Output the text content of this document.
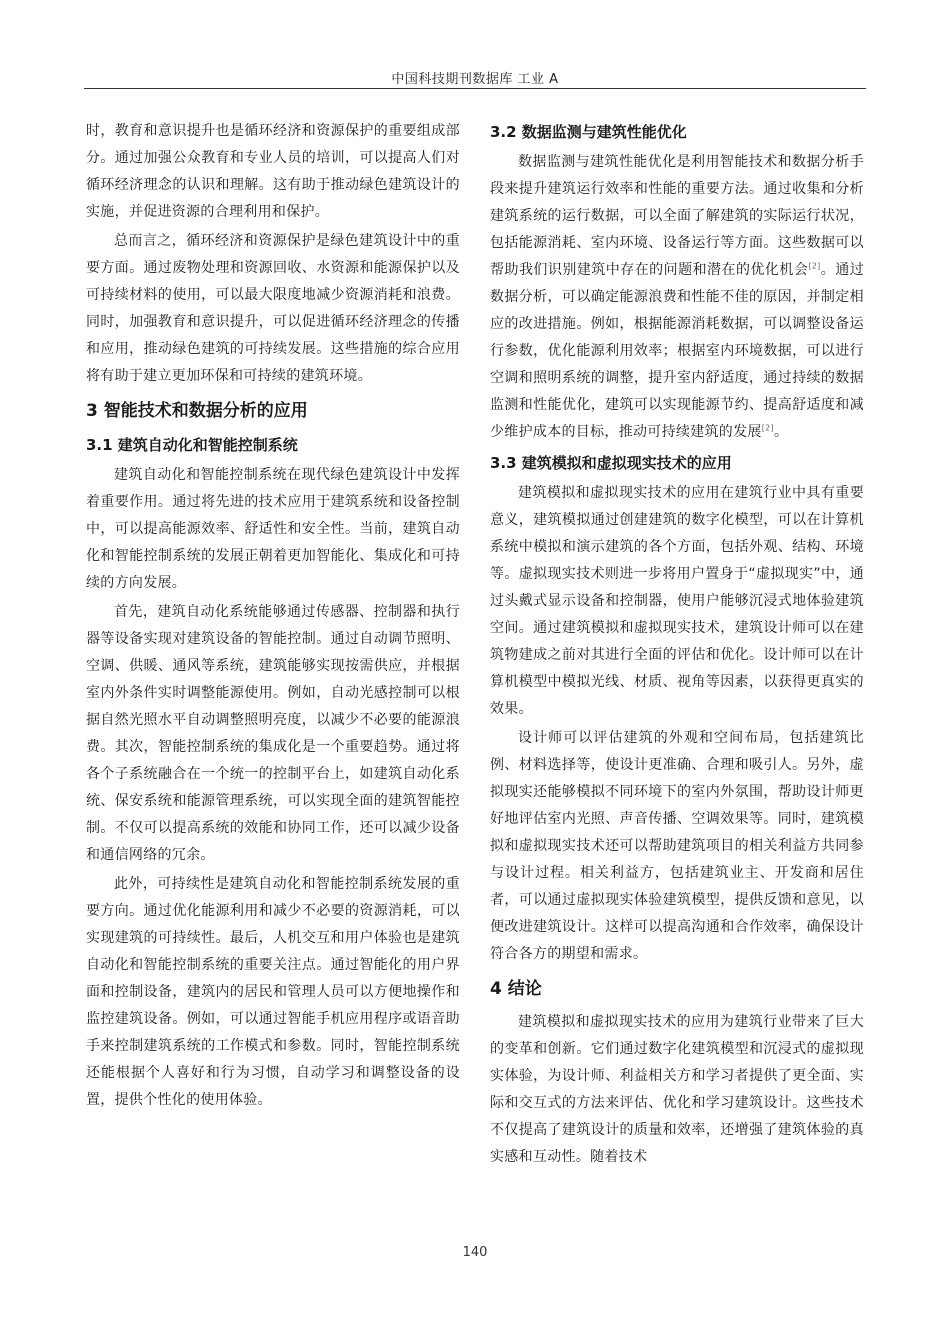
中国科技期刊数据库 工业 A

时，教育和意识提升也是循环经济和资源保护的重要组成部分。通过加强公众教育和专业人员的培训，可以提高人们对循环经济理念的认识和理解。这有助于推动绿色建筑设计的实施，并促进资源的合理利用和保护。

总而言之，循环经济和资源保护是绿色建筑设计中的重要方面。通过废物处理和资源回收、水资源和能源保护以及可持续材料的使用，可以最大限度地减少资源消耗和浪费。同时，加强教育和意识提升，可以促进循环经济理念的传播和应用，推动绿色建筑的可持续发展。这些措施的综合应用将有助于建立更加环保和可持续的建筑环境。

3 智能技术和数据分析的应用
3.1 建筑自动化和智能控制系统

建筑自动化和智能控制系统在现代绿色建筑设计中发挥着重要作用。通过将先进的技术应用于建筑系统和设备控制中，可以提高能源效率、舒适性和安全性。当前，建筑自动化和智能控制系统的发展正朝着更加智能化、集成化和可持续的方向发展。

首先，建筑自动化系统能够通过传感器、控制器和执行器等设备实现对建筑设备的智能控制。通过自动调节照明、空调、供暖、通风等系统，建筑能够实现按需供应，并根据室内外条件实时调整能源使用。例如，自动光感控制可以根据自然光照水平自动调整照明亮度，以减少不必要的能源浪费。其次，智能控制系统的集成化是一个重要趋势。通过将各个子系统融合在一个统一的控制平台上，如建筑自动化系统、保安系统和能源管理系统，可以实现全面的建筑智能控制。不仅可以提高系统的效能和协同工作，还可以减少设备和通信网络的冗余。

此外，可持续性是建筑自动化和智能控制系统发展的重要方向。通过优化能源利用和减少不必要的资源消耗，可以实现建筑的可持续性。最后，人机交互和用户体验也是建筑自动化和智能控制系统的重要关注点。通过智能化的用户界面和控制设备，建筑内的居民和管理人员可以方便地操作和监控建筑设备。例如，可以通过智能手机应用程序或语音助手来控制建筑系统的工作模式和参数。同时，智能控制系统还能根据个人喜好和行为习惯，自动学习和调整设备的设置，提供个性化的使用体验。

3.2 数据监测与建筑性能优化

数据监测与建筑性能优化是利用智能技术和数据分析手段来提升建筑运行效率和性能的重要方法。通过收集和分析建筑系统的运行数据，可以全面了解建筑的实际运行状况，包括能源消耗、室内环境、设备运行等方面。这些数据可以帮助我们识别建筑中存在的问题和潜在的优化机会[2]。通过数据分析，可以确定能源浪费和性能不佳的原因，并制定相应的改进措施。例如，根据能源消耗数据，可以调整设备运行参数，优化能源利用效率；根据室内环境数据，可以进行空调和照明系统的调整，提升室内舒适度，通过持续的数据监测和性能优化，建筑可以实现能源节约、提高舒适度和减少维护成本的目标，推动可持续建筑的发展[2]。

3.3 建筑模拟和虚拟现实技术的应用

建筑模拟和虚拟现实技术的应用在建筑行业中具有重要意义，建筑模拟通过创建建筑的数字化模型，可以在计算机系统中模拟和演示建筑的各个方面，包括外观、结构、环境等。虚拟现实技术则进一步将用户置身于“虚拟现实”中，通过头戴式显示设备和控制器，使用户能够沉浸式地体验建筑空间。通过建筑模拟和虚拟现实技术，建筑设计师可以在建筑物建成之前对其进行全面的评估和优化。设计师可以在计算机模型中模拟光线、材质、视角等因素，以获得更真实的效果。

设计师可以评估建筑的外观和空间布局，包括建筑比例、材料选择等，使设计更准确、合理和吸引人。另外，虚拟现实还能够模拟不同环境下的室内外氛围，帮助设计师更好地评估室内光照、声音传播、空调效果等。同时，建筑模拟和虚拟现实技术还可以帮助建筑项目的相关利益方共同参与设计过程。相关利益方，包括建筑业主、开发商和居住者，可以通过虚拟现实体验建筑模型，提供反馈和意见，以便改进建筑设计。这样可以提高沟通和合作效率，确保设计符合各方的期望和需求。

4 结论

建筑模拟和虚拟现实技术的应用为建筑行业带来了巨大的变革和创新。它们通过数字化建筑模型和沉浸式的虚拟现实体验，为设计师、利益相关方和学习者提供了更全面、实际和交互式的方法来评估、优化和学习建筑设计。这些技术不仅提高了建筑设计的质量和效率，还增强了建筑体验的真实感和互动性。随着技术

140
